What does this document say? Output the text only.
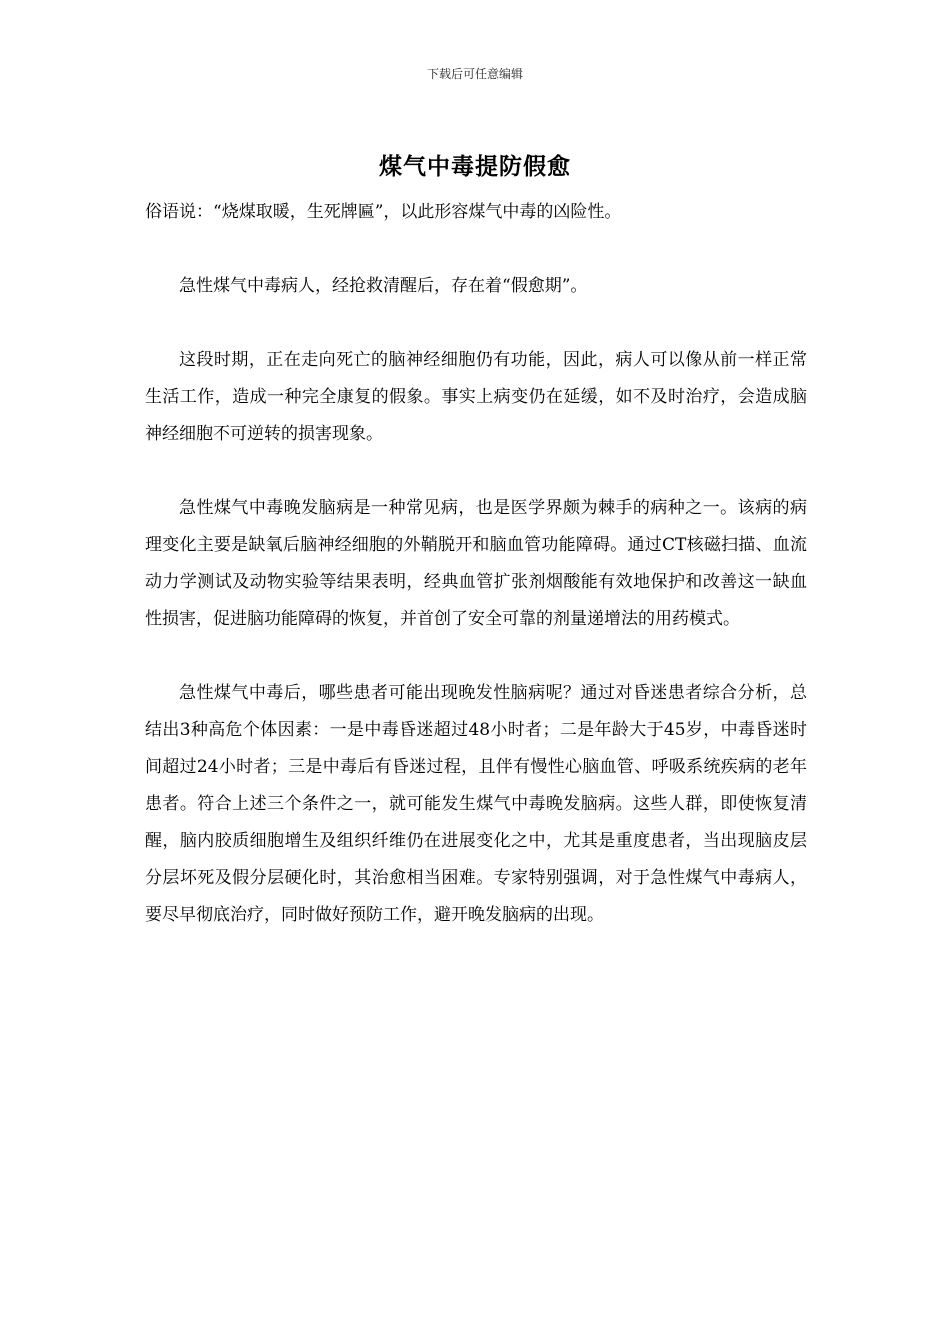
下载后可任意编辑
煤气中毒提防假愈

俗语说：“烧煤取暖，生死牌匾”，以此形容煤气中毒的凶险性。

急性煤气中毒病人，经抢救清醒后，存在着“假愈期”。

这段时期，正在走向死亡的脑神经细胞仍有功能，因此，病人可以像从前一样正常生活工作，造成一种完全康复的假象。事实上病变仍在延缓，如不及时治疗，会造成脑神经细胞不可逆转的损害现象。

急性煤气中毒晚发脑病是一种常见病，也是医学界颇为棘手的病种之一。该病的病理变化主要是缺氧后脑神经细胞的外鞘脱开和脑血管功能障碍。通过CT核磁扫描、血流动力学测试及动物实验等结果表明，经典血管扩张剂烟酸能有效地保护和改善这一缺血性损害，促进脑功能障碍的恢复，并首创了安全可靠的剂量递增法的用药模式。

急性煤气中毒后，哪些患者可能出现晚发性脑病呢？通过对昏迷患者综合分析，总结出3种高危个体因素：一是中毒昏迷超过48小时者；二是年龄大于45岁，中毒昏迷时间超过24小时者；三是中毒后有昏迷过程，且伴有慢性心脑血管、呼吸系统疾病的老年患者。符合上述三个条件之一，就可能发生煤气中毒晚发脑病。这些人群，即使恢复清醒，脑内胶质细胞增生及组织纤维仍在进展变化之中，尤其是重度患者，当出现脑皮层分层坏死及假分层硬化时，其治愈相当困难。专家特别强调，对于急性煤气中毒病人，要尽早彻底治疗，同时做好预防工作，避开晚发脑病的出现。
